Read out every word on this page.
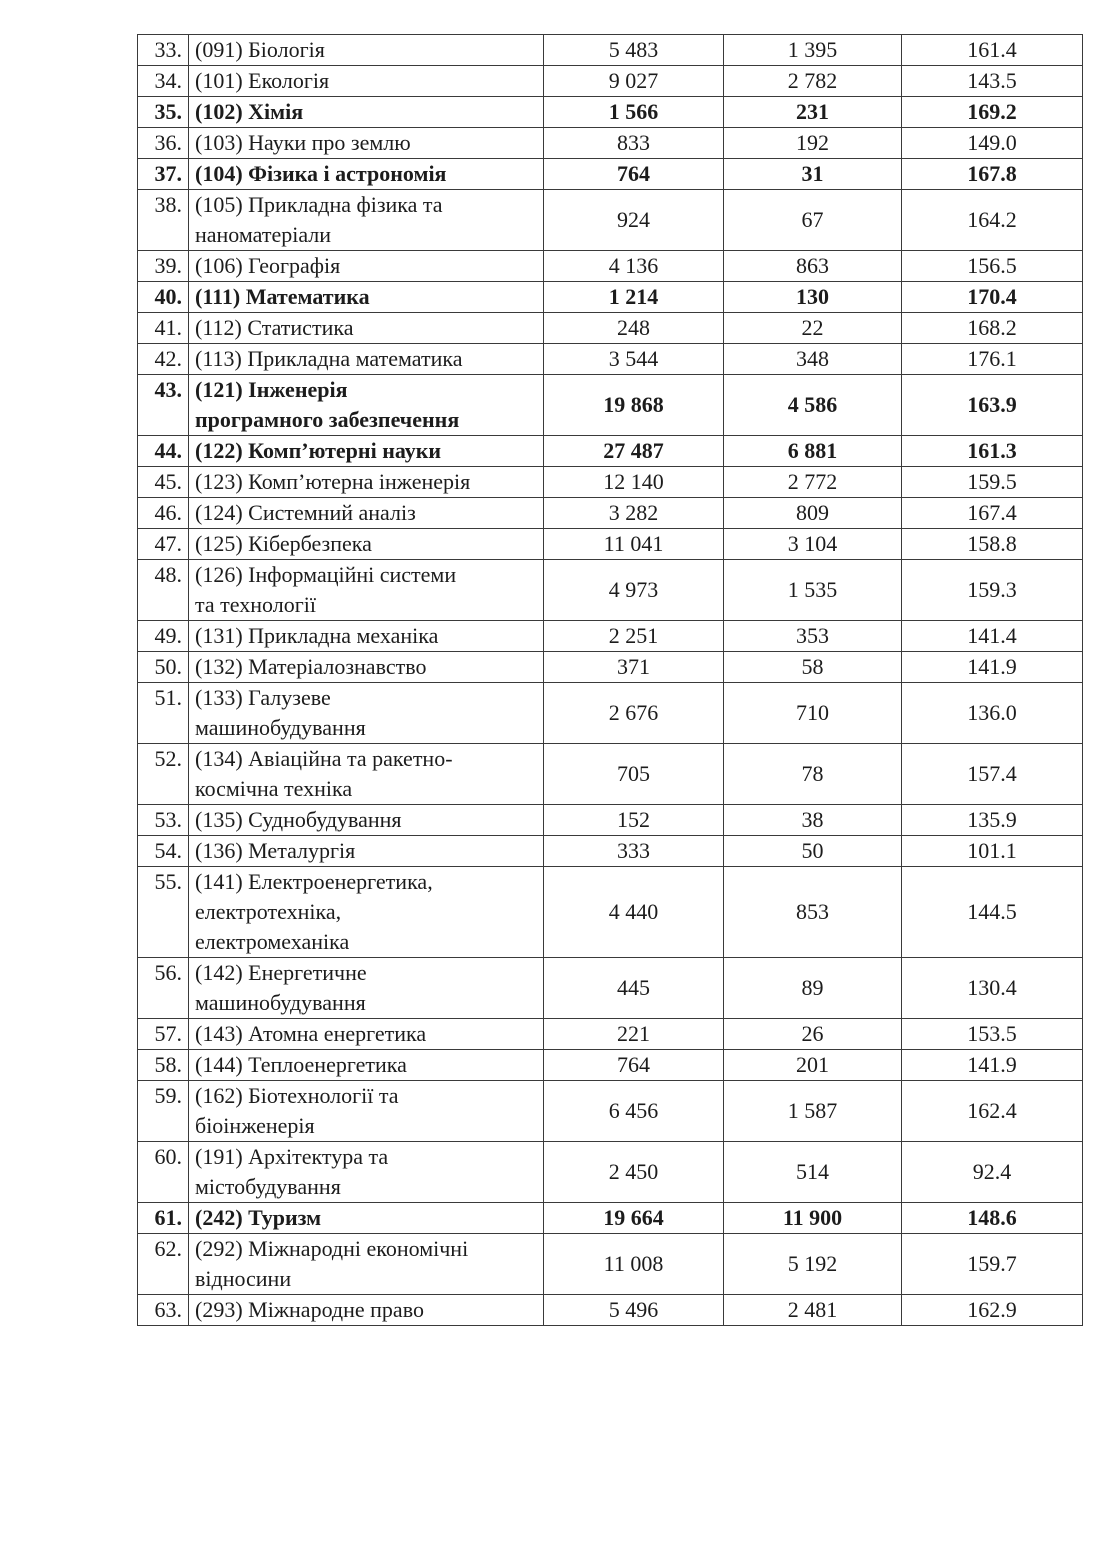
33.	(091) Біологія	5 483	1 395	161.4
34.	(101) Екологія	9 027	2 782	143.5
35.	(102) Хімія	1 566	231	169.2
36.	(103) Науки про землю	833	192	149.0
37.	(104) Фізика і астрономія	764	31	167.8
38.	(105) Прикладна фізика та
наноматеріали	924	67	164.2
39.	(106) Географія	4 136	863	156.5
40.	(111) Математика	1 214	130	170.4
41.	(112) Статистика	248	22	168.2
42.	(113) Прикладна математика	3 544	348	176.1
43.	(121) Інженерія
програмного забезпечення	19 868	4 586	163.9
44.	(122) Комп’ютерні науки	27 487	6 881	161.3
45.	(123) Комп’ютерна інженерія	12 140	2 772	159.5
46.	(124) Системний аналіз	3 282	809	167.4
47.	(125) Кібербезпека	11 041	3 104	158.8
48.	(126) Інформаційні системи
та технології	4 973	1 535	159.3
49.	(131) Прикладна механіка	2 251	353	141.4
50.	(132) Матеріалознавство	371	58	141.9
51.	(133) Галузеве
машинобудування	2 676	710	136.0
52.	(134) Авіаційна та ракетно-
космічна техніка	705	78	157.4
53.	(135) Суднобудування	152	38	135.9
54.	(136) Металургія	333	50	101.1
55.	(141) Електроенергетика,
електротехніка,
електромеханіка	4 440	853	144.5
56.	(142) Енергетичне
машинобудування	445	89	130.4
57.	(143) Атомна енергетика	221	26	153.5
58.	(144) Теплоенергетика	764	201	141.9
59.	(162) Біотехнології та
біоінженерія	6 456	1 587	162.4
60.	(191) Архітектура та
містобудування	2 450	514	92.4
61.	(242) Туризм	19 664	11 900	148.6
62.	(292) Міжнародні економічні
відносини	11 008	5 192	159.7
63.	(293) Міжнародне право	5 496	2 481	162.9
